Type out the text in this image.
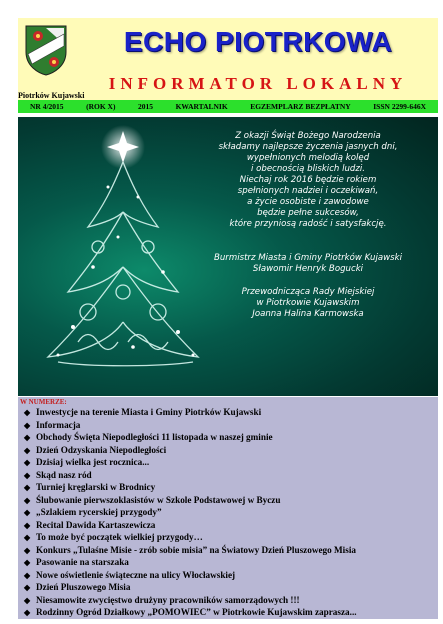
ECHO PIOTRKOWA
INFORMATOR LOKALNY
Piotrków Kujawski
NR 4/2015	(ROK X)	2015	KWARTALNIK	EGZEMPLARZ BEZPŁATNY	ISSN 2299-646X
Z okazji Świąt Bożego Narodzenia
składamy najlepsze życzenia jasnych dni,
wypełnionych melodią kolęd
i obecnością bliskich ludzi.
Niechaj rok 2016 będzie rokiem
spełnionych nadziei i oczekiwań,
a życie osobiste i zawodowe
będzie pełne sukcesów,
które przyniosą radość i satysfakcję.
Burmistrz Miasta i Gminy Piotrków Kujawski
Sławomir Henryk Bogucki
Przewodnicząca Rady Miejskiej
w Piotrkowie Kujawskim
Joanna Halina Karmowska
W NUMERZE:
◆ Inwestycje na terenie Miasta i Gminy Piotrków Kujawski
◆ Informacja
◆ Obchody Święta Niepodległości 11 listopada w naszej gminie
◆ Dzień Odzyskania Niepodległości
◆ Dzisiaj wielka jest rocznica...
◆ Skąd nasz ród
◆ Turniej kręglarski w Brodnicy
◆ Ślubowanie pierwszoklasistów w Szkole Podstawowej w Byczu
◆ „Szlakiem rycerskiej przygody”
◆ Recital Dawida Kartaszewicza
◆ To może być początek wielkiej przygody…
◆ Konkurs „Tulaśne Misie - zrób sobie misia” na Światowy Dzień Pluszowego Misia
◆ Pasowanie na starszaka
◆ Nowe oświetlenie świąteczne na ulicy Włocławskiej
◆ Dzień Pluszowego Misia
◆ Niesamowite zwycięstwo drużyny pracowników samorządowych !!!
◆ Rodzinny Ogród Działkowy „POMOWIEC” w Piotrkowie Kujawskim zaprasza...
